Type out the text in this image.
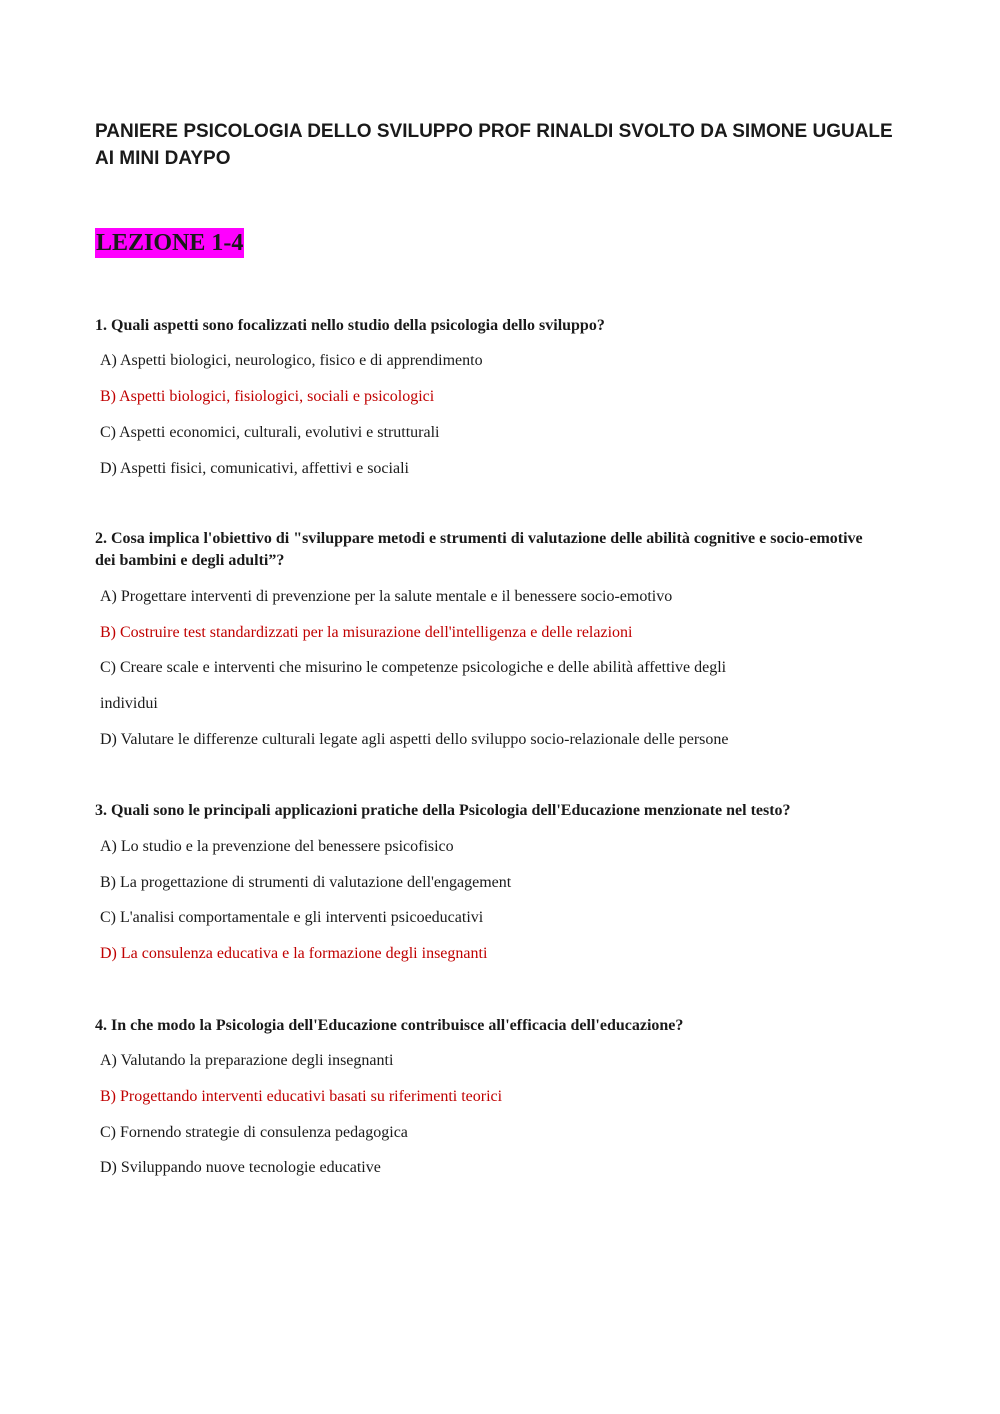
PANIERE PSICOLOGIA DELLO SVILUPPO PROF RINALDI SVOLTO DA SIMONE UGUALE AI MINI DAYPO
LEZIONE 1-4

1. Quali aspetti sono focalizzati nello studio della psicologia dello sviluppo?

A) Aspetti biologici, neurologico, fisico e di apprendimento

B) Aspetti biologici, fisiologici, sociali e psicologici

C) Aspetti economici, culturali, evolutivi e strutturali

D) Aspetti fisici, comunicativi, affettivi e sociali

2. Cosa implica l'obiettivo di "sviluppare metodi e strumenti di valutazione delle abilità cognitive e socio-emotive dei bambini e degli adulti”?

A) Progettare interventi di prevenzione per la salute mentale e il benessere socio-emotivo

B) Costruire test standardizzati per la misurazione dell'intelligenza e delle relazioni

C) Creare scale e interventi che misurino le competenze psicologiche e delle abilità affettive degli

individui

D) Valutare le differenze culturali legate agli aspetti dello sviluppo socio-relazionale delle persone

3. Quali sono le principali applicazioni pratiche della Psicologia dell'Educazione menzionate nel testo?

A) Lo studio e la prevenzione del benessere psicofisico

B) La progettazione di strumenti di valutazione dell'engagement

C) L'analisi comportamentale e gli interventi psicoeducativi

D) La consulenza educativa e la formazione degli insegnanti

4. In che modo la Psicologia dell'Educazione contribuisce all'efficacia dell'educazione?

A) Valutando la preparazione degli insegnanti

B) Progettando interventi educativi basati su riferimenti teorici

C) Fornendo strategie di consulenza pedagogica

D) Sviluppando nuove tecnologie educative
